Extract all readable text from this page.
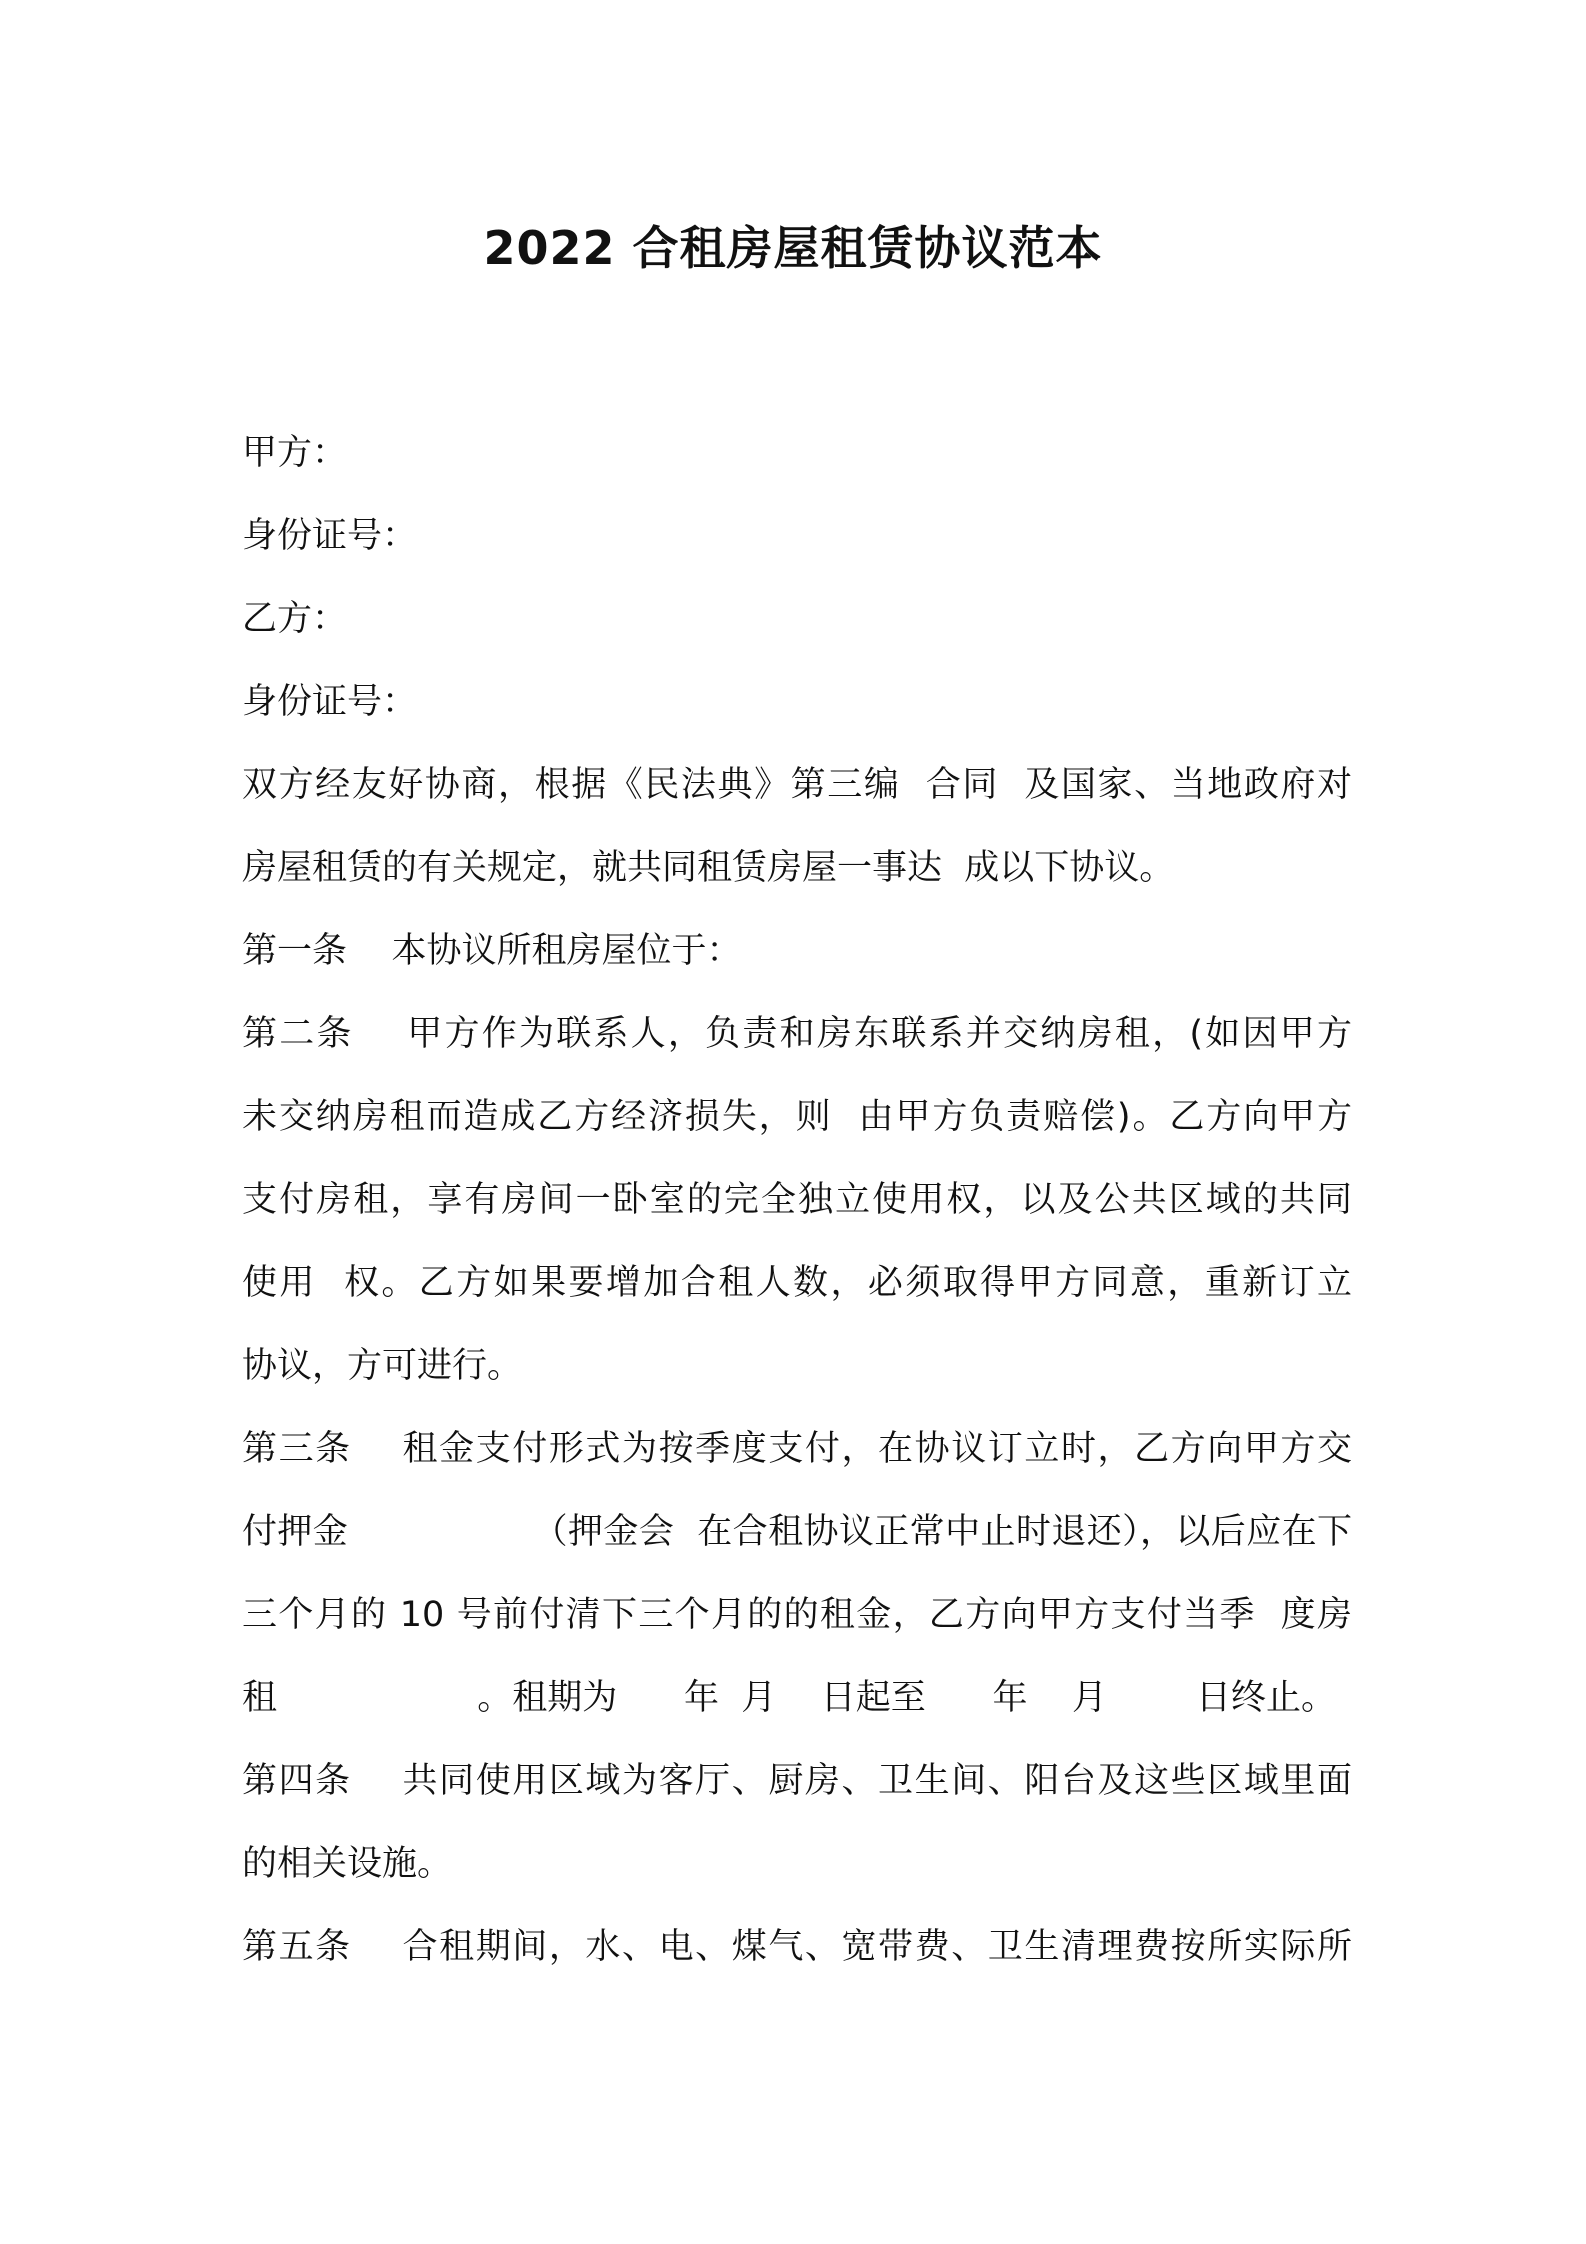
2022 合租房屋租赁协议范本
甲方：
身份证号：
乙方：
身份证号：
双方经友好协商，根据《民法典》第三编  合同  及国家、当地政府对
房屋租赁的有关规定，就共同租赁房屋一事达  成以下协议。
第一条    本协议所租房屋位于：
第二条    甲方作为联系人，负责和房东联系并交纳房租，(如因甲方
未交纳房租而造成乙方经济损失，则  由甲方负责赔偿)。乙方向甲方
支付房租，享有房间一卧室的完全独立使用权，以及公共区域的共同
使用  权。乙方如果要增加合租人数，必须取得甲方同意，重新订立
协议，方可进行。
第三条    租金支付形式为按季度支付，在协议订立时，乙方向甲方交
付押金                （押金会  在合租协议正常中止时退还），以后应在下
三个月的 10 号前付清下三个月的的租金，乙方向甲方支付当季  度房
租                  。租期为      年  月    日起至      年    月        日终止。
第四条    共同使用区域为客厅、厨房、卫生间、阳台及这些区域里面
的相关设施。
第五条    合租期间，水、电、煤气、宽带费、卫生清理费按所实际所
